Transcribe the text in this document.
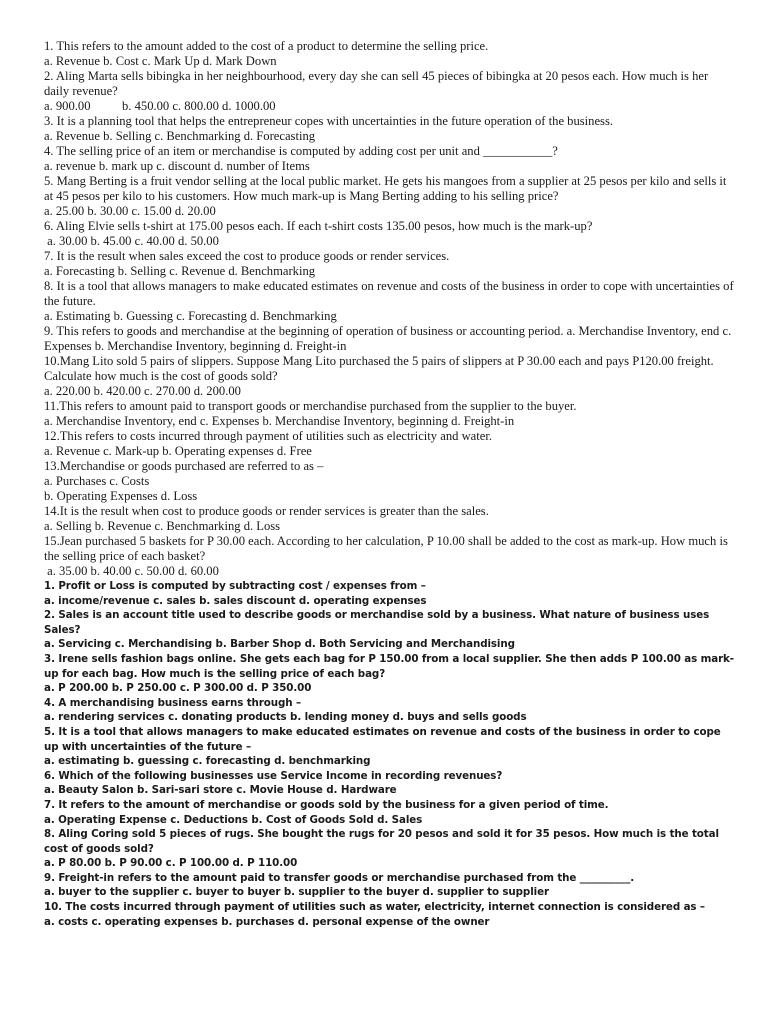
1. This refers to the amount added to the cost of a product to determine the selling price.

a. Revenue b. Cost c. Mark Up d. Mark Down

2. Aling Marta sells bibingka in her neighbourhood, every day she can sell 45 pieces of bibingka at 20 pesos each. How much is her daily revenue?

a. 900.00          b. 450.00 c. 800.00 d. 1000.00

3. It is a planning tool that helps the entrepreneur copes with uncertainties in the future operation of the business.

a. Revenue b. Selling c. Benchmarking d. Forecasting

4. The selling price of an item or merchandise is computed by adding cost per unit and ___________?

a. revenue b. mark up c. discount d. number of Items

5. Mang Berting is a fruit vendor selling at the local public market. He gets his mangoes from a supplier at 25 pesos per kilo and sells it at 45 pesos per kilo to his customers. How much mark-up is Mang Berting adding to his selling price?

a. 25.00 b. 30.00 c. 15.00 d. 20.00

6. Aling Elvie sells t-shirt at 175.00 pesos each. If each t-shirt costs 135.00 pesos, how much is the mark-up?

a. 30.00 b. 45.00 c. 40.00 d. 50.00

7. It is the result when sales exceed the cost to produce goods or render services.

a. Forecasting b. Selling c. Revenue d. Benchmarking

8. It is a tool that allows managers to make educated estimates on revenue and costs of the business in order to cope with uncertainties of the future.

a. Estimating b. Guessing c. Forecasting d. Benchmarking

9. This refers to goods and merchandise at the beginning of operation of business or accounting period. a. Merchandise Inventory, end c. Expenses b. Merchandise Inventory, beginning d. Freight-in

10.Mang Lito sold 5 pairs of slippers. Suppose Mang Lito purchased the 5 pairs of slippers at P 30.00 each and pays P120.00 freight. Calculate how much is the cost of goods sold?

a. 220.00 b. 420.00 c. 270.00 d. 200.00

11.This refers to amount paid to transport goods or merchandise purchased from the supplier to the buyer.

a. Merchandise Inventory, end c. Expenses b. Merchandise Inventory, beginning d. Freight-in

12.This refers to costs incurred through payment of utilities such as electricity and water.

a. Revenue c. Mark-up b. Operating expenses d. Free

13.Merchandise or goods purchased are referred to as –

a. Purchases c. Costs

b. Operating Expenses d. Loss

14.It is the result when cost to produce goods or render services is greater than the sales.

a. Selling b. Revenue c. Benchmarking d. Loss

15.Jean purchased 5 baskets for P 30.00 each. According to her calculation, P 10.00 shall be added to the cost as mark-up. How much is the selling price of each basket?

a. 35.00 b. 40.00 c. 50.00 d. 60.00

1. Profit or Loss is computed by subtracting cost / expenses from –

a. income/revenue c. sales b. sales discount d. operating expenses

2. Sales is an account title used to describe goods or merchandise sold by a business. What nature of business uses Sales?

a. Servicing c. Merchandising b. Barber Shop d. Both Servicing and Merchandising

3. Irene sells fashion bags online. She gets each bag for P 150.00 from a local supplier. She then adds P 100.00 as mark-up for each bag. How much is the selling price of each bag?

a. P 200.00 b. P 250.00 c. P 300.00 d. P 350.00

4. A merchandising business earns through –

a. rendering services c. donating products b. lending money d. buys and sells goods

5. It is a tool that allows managers to make educated estimates on revenue and costs of the business in order to cope up with uncertainties of the future –

a. estimating b. guessing c. forecasting d. benchmarking

6. Which of the following businesses use Service Income in recording revenues?

a. Beauty Salon b. Sari-sari store c. Movie House d. Hardware

7. It refers to the amount of merchandise or goods sold by the business for a given period of time.

a. Operating Expense c. Deductions b. Cost of Goods Sold d. Sales

8. Aling Coring sold 5 pieces of rugs. She bought the rugs for 20 pesos and sold it for 35 pesos. How much is the total cost of goods sold?

a. P 80.00 b. P 90.00 c. P 100.00 d. P 110.00

9. Freight-in refers to the amount paid to transfer goods or merchandise purchased from the __________.

a. buyer to the supplier c. buyer to buyer b. supplier to the buyer d. supplier to supplier

10. The costs incurred through payment of utilities such as water, electricity, internet connection is considered as –

a. costs c. operating expenses b. purchases d. personal expense of the owner
